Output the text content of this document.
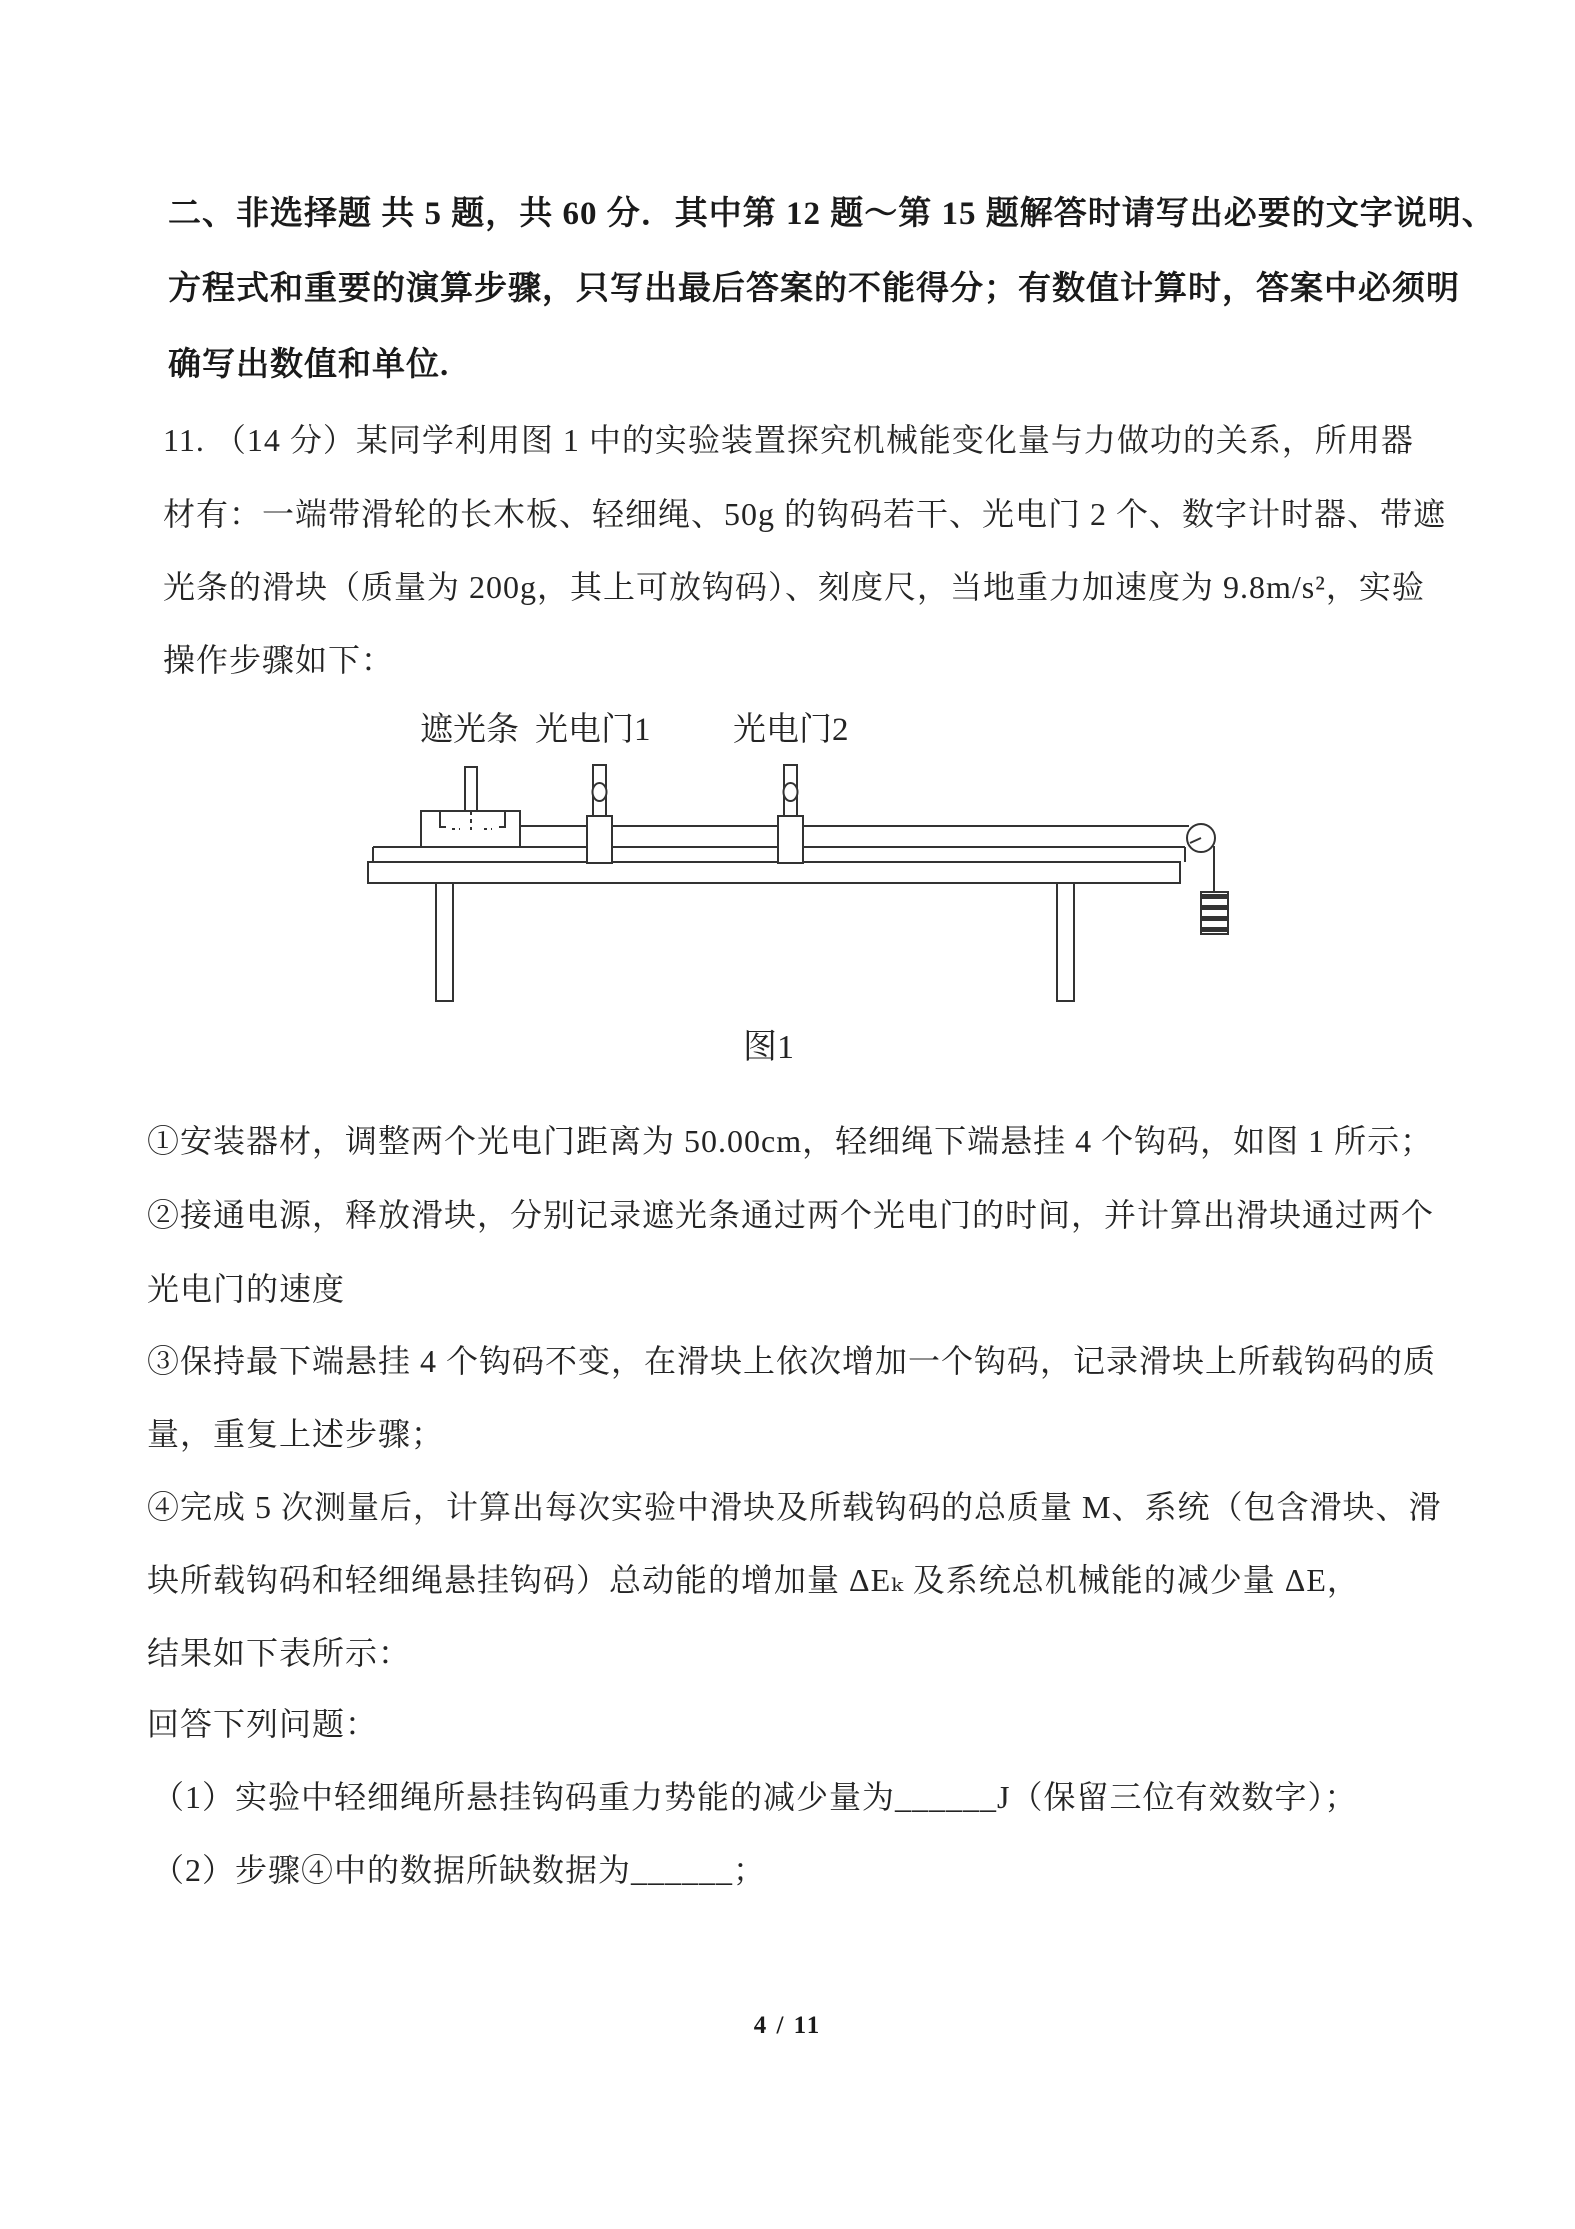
二、非选择题 共 5 题，共 60 分．其中第 12 题～第 15 题解答时请写出必要的文字说明、
方程式和重要的演算步骤，只写出最后答案的不能得分；有数值计算时，答案中必须明
确写出数值和单位.
11. （14 分）某同学利用图 1 中的实验装置探究机械能变化量与力做功的关系，所用器
材有：一端带滑轮的长木板、轻细绳、50g 的钩码若干、光电门 2 个、数字计时器、带遮
光条的滑块（质量为 200g，其上可放钩码）、刻度尺，当地重力加速度为 9.8m/s²，实验
操作步骤如下：
遮光条 光电门1	光电门2
图1
①安装器材，调整两个光电门距离为 50.00cm，轻细绳下端悬挂 4 个钩码，如图 1 所示；
②接通电源，释放滑块，分别记录遮光条通过两个光电门的时间，并计算出滑块通过两个
光电门的速度
③保持最下端悬挂 4 个钩码不变，在滑块上依次增加一个钩码，记录滑块上所载钩码的质
量，重复上述步骤；
④完成 5 次测量后，计算出每次实验中滑块及所载钩码的总质量 M、系统（包含滑块、滑
块所载钩码和轻细绳悬挂钩码）总动能的增加量 ΔEₖ 及系统总机械能的减少量 ΔE，
结果如下表所示：
回答下列问题：
（1）实验中轻细绳所悬挂钩码重力势能的减少量为______J（保留三位有效数字）；
（2）步骤④中的数据所缺数据为______；
4 / 11
